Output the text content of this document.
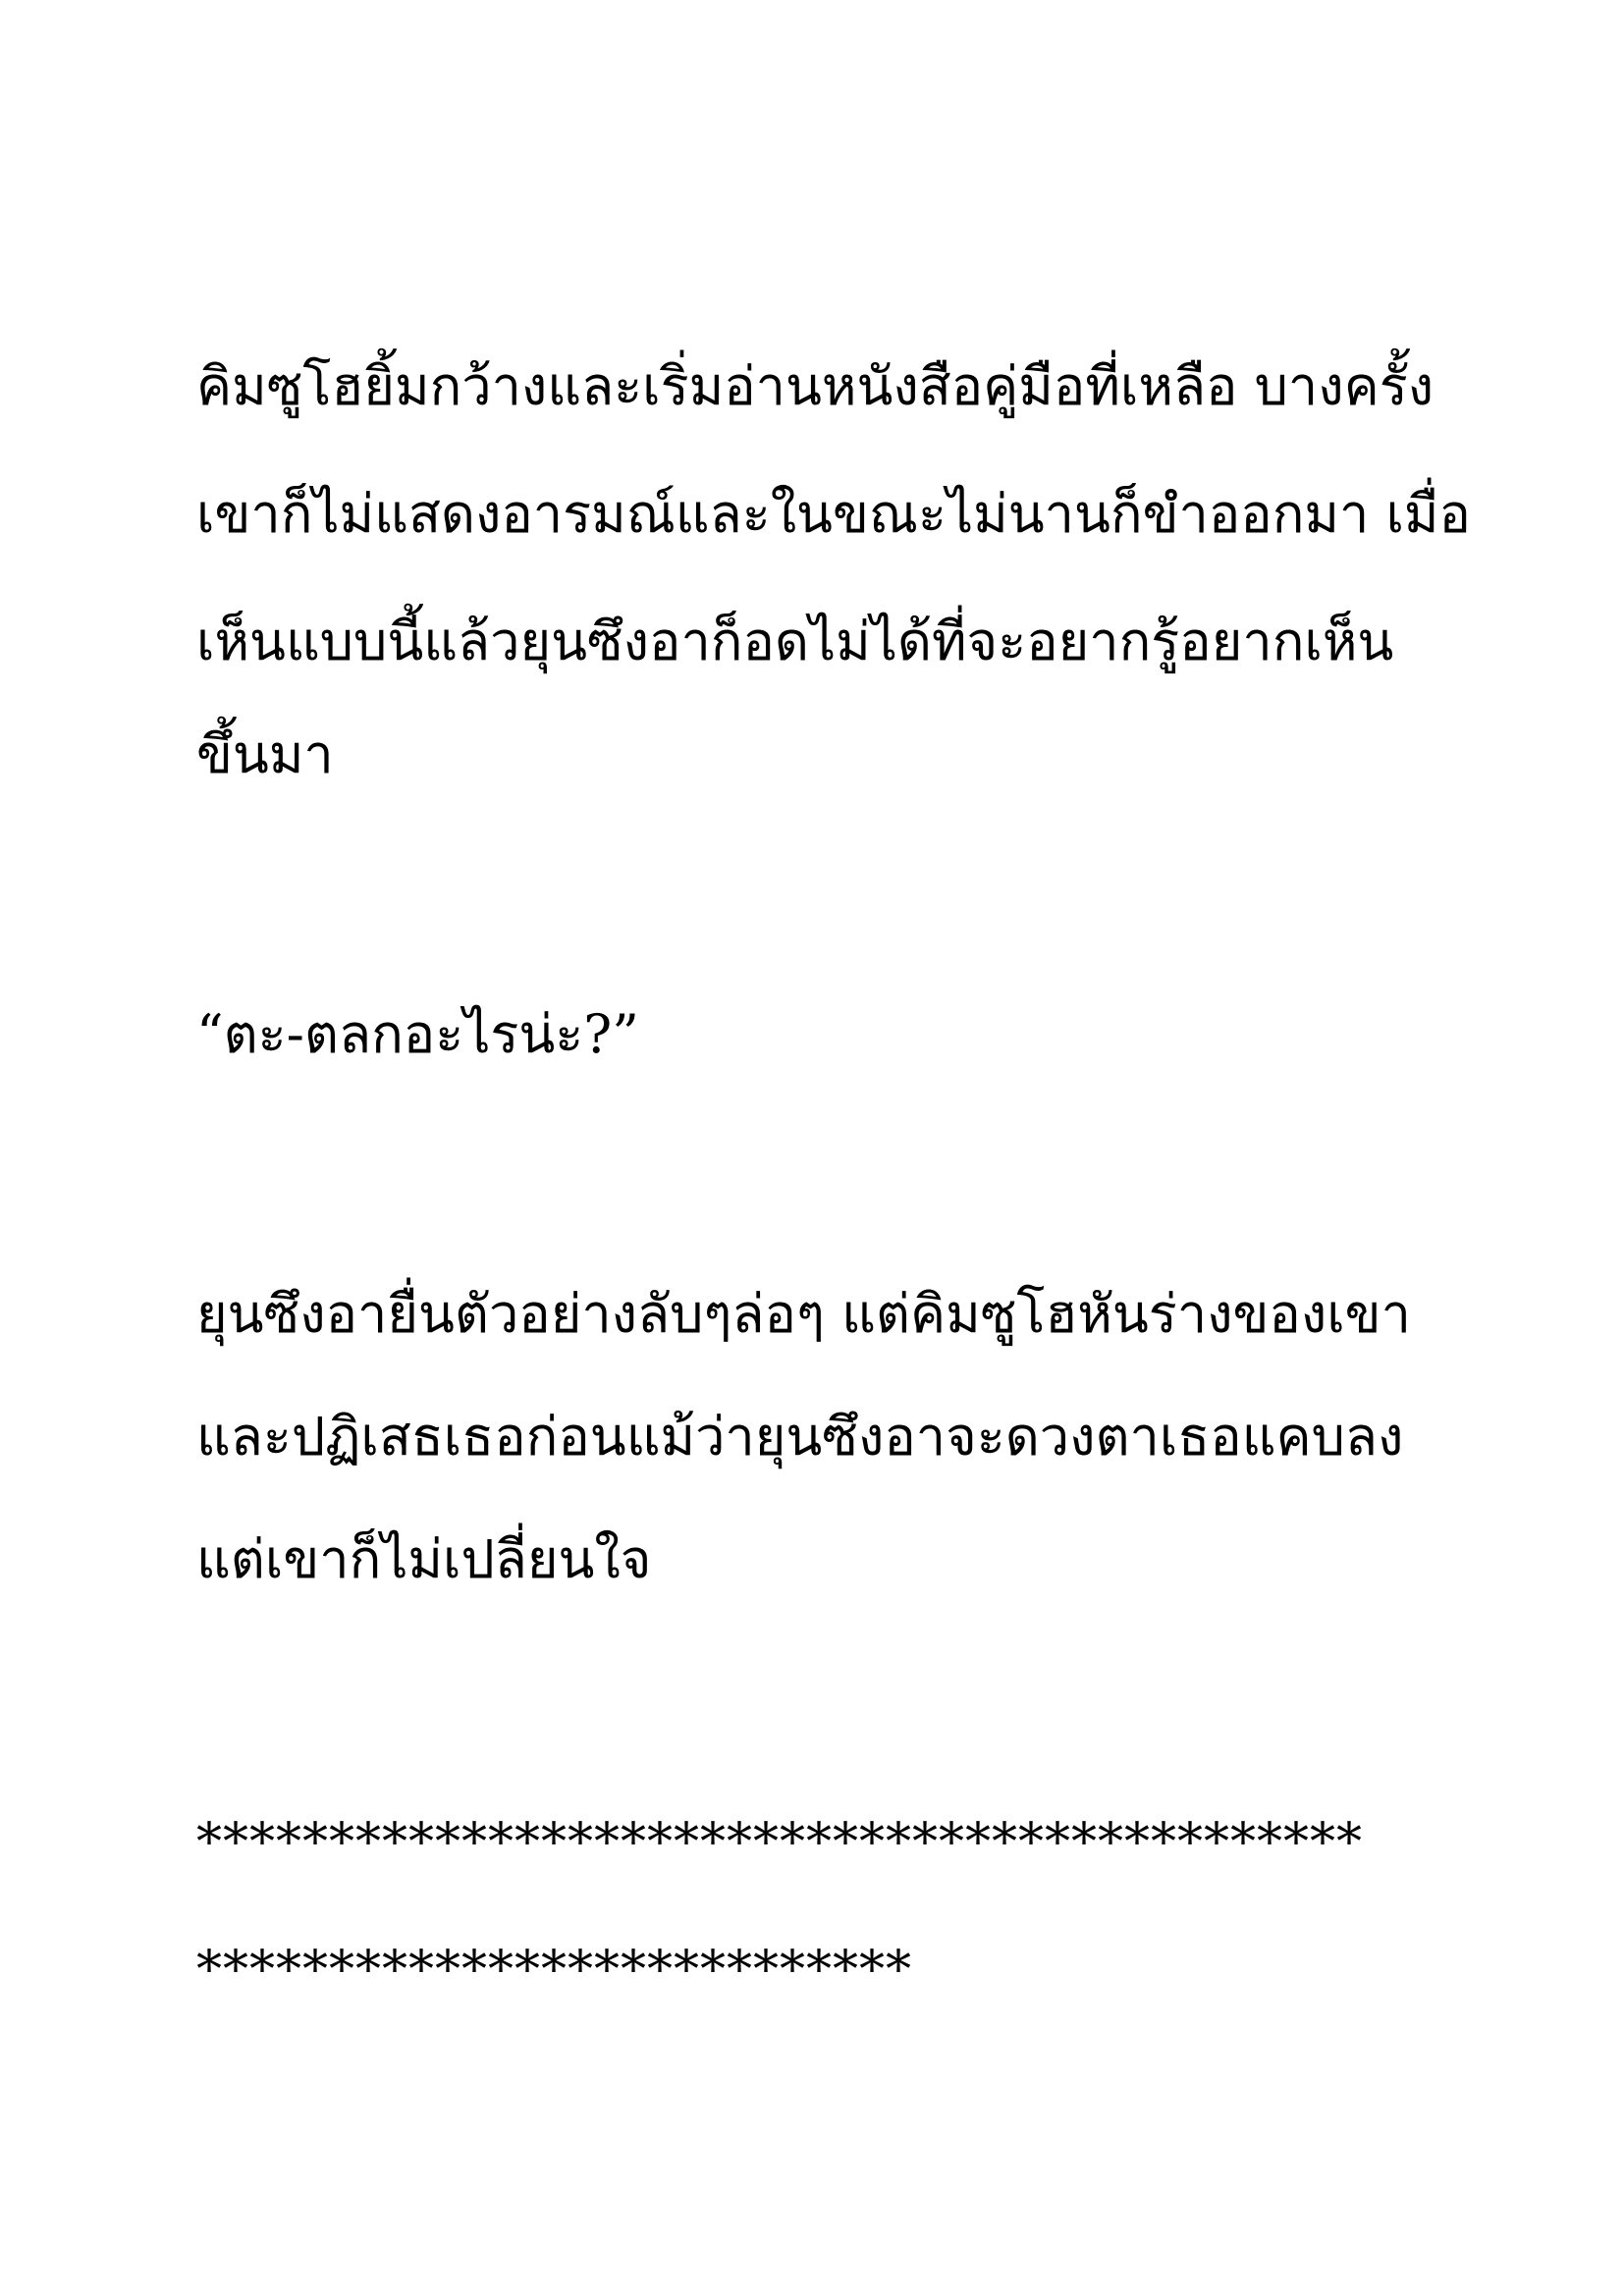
คิมซูโฮยิ้มกว้างและเริ่มอ่านหนังสือคู่มือที่เหลือ บางครั้ง

เขาก็ไม่แสดงอารมณ์และในขณะไม่นานก็ขำออกมา เมื่อ

เห็นแบบนี้แล้วยุนซึงอาก็อดไม่ได้ที่จะอยากรู้อยากเห็น

ขึ้นมา

“ตะ-ตลกอะไรน่ะ?”

ยุนซึงอายื่นตัวอย่างลับๆล่อๆ แต่คิมซูโฮหันร่างของเขา

และปฏิเสธเธอก่อนแม้ว่ายุนซึงอาจะดวงตาเธอแคบลง

แต่เขาก็ไม่เปลี่ยนใจ

********************************************

***************************
